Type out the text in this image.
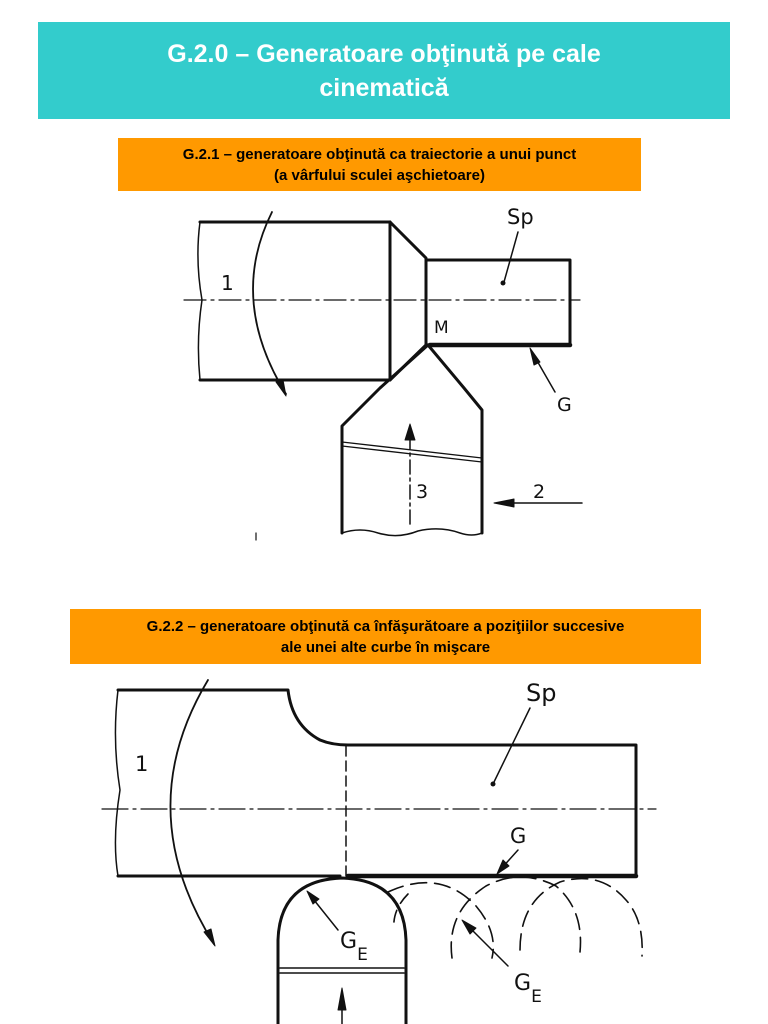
G.2.0 – Generatoare obţinută pe cale
cinematică
G.2.1 – generatoare obţinută ca traiectorie a unui punct
(a vârfului sculei aşchietoare)
G.2.2 – generatoare obţinută ca înfăşurătoare a poziţiilor succesive
ale unei alte curbe în mişcare
1
M
Sp
G
3	2
1
Sp
G
$G_E$
$G_E$
